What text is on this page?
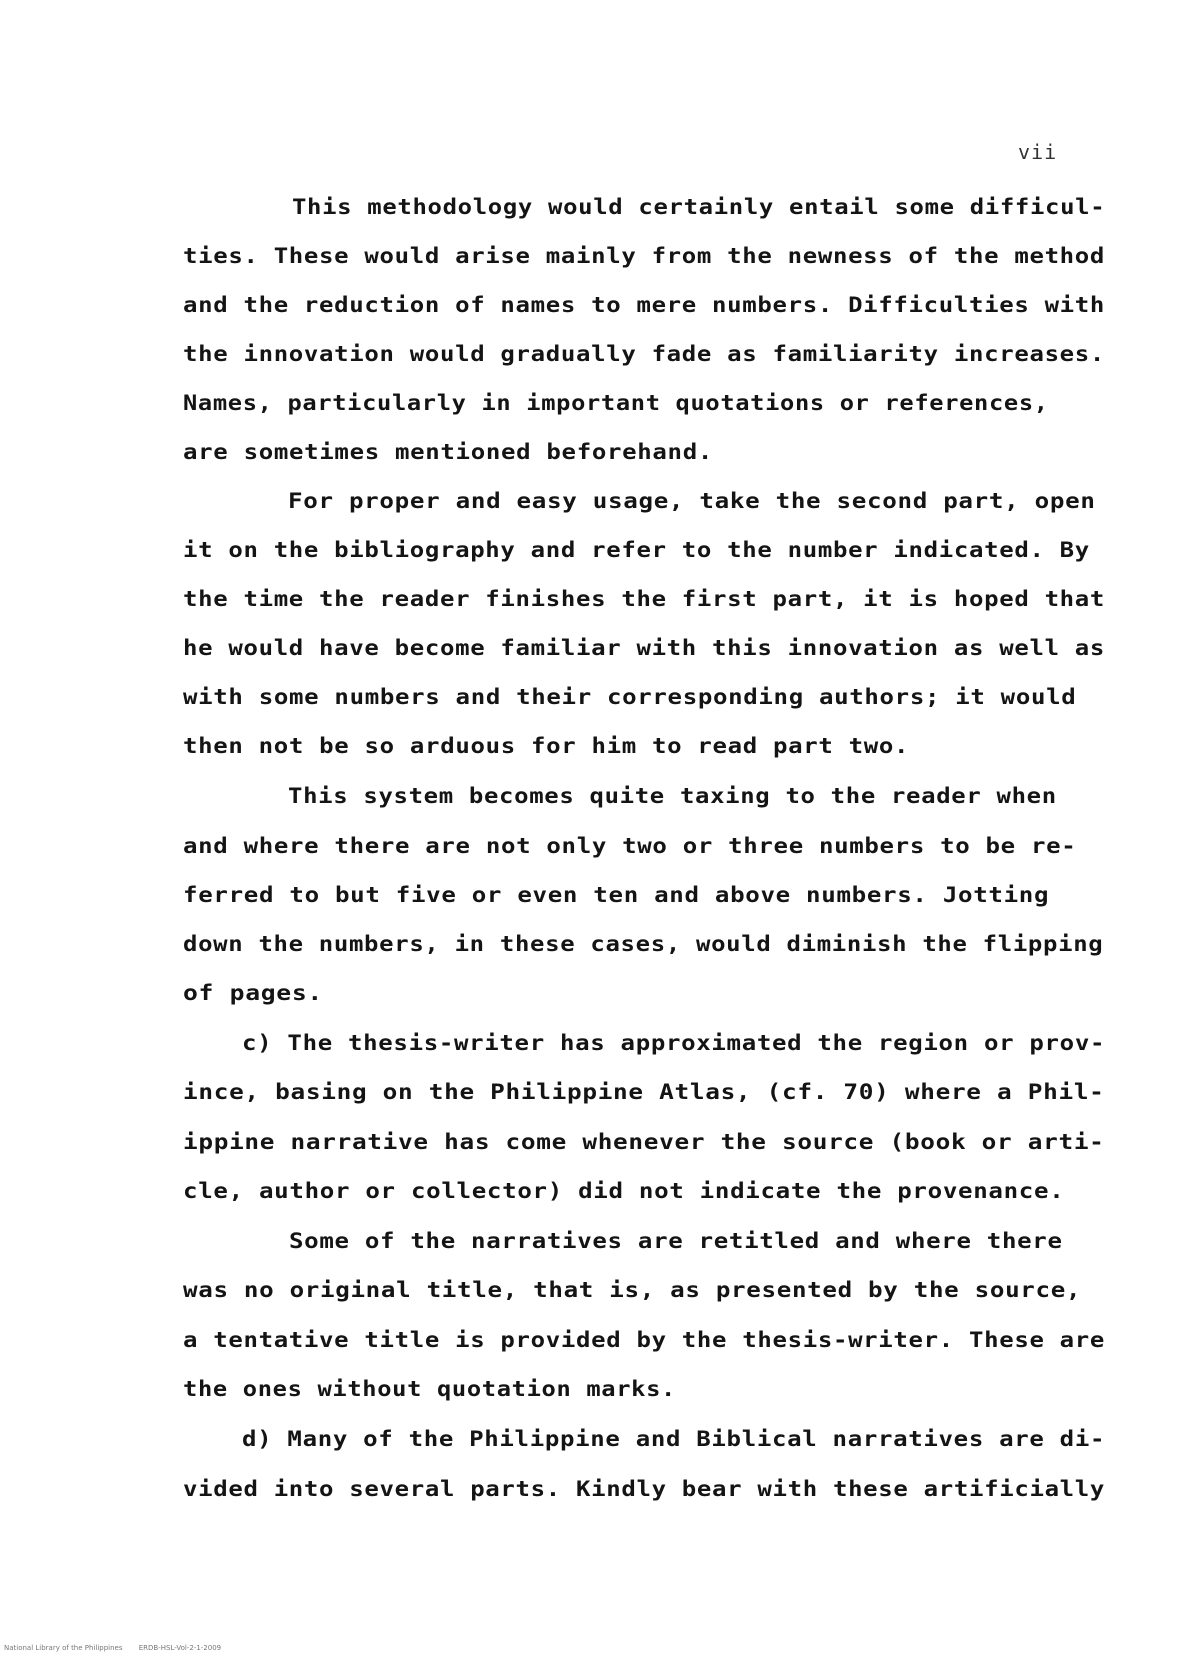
vii
This methodology would certainly entail some difficul-
ties. These would arise mainly from the newness of the method
and the reduction of names to mere numbers. Difficulties with
the innovation would gradually fade as familiarity increases.
Names, particularly in important quotations or references,
are sometimes mentioned beforehand.
For proper and easy usage, take the second part, open
it on the bibliography and refer to the number indicated. By
the time the reader finishes the first part, it is hoped that
he would have become familiar with this innovation as well as
with some numbers and their corresponding authors; it would
then not be so arduous for him to read part two.
This system becomes quite taxing to the reader when
and where there are not only two or three numbers to be re-
ferred to but five or even ten and above numbers. Jotting
down the numbers, in these cases, would diminish the flipping
of pages.
c) The thesis-writer has approximated the region or prov-
ince, basing on the Philippine Atlas, (cf. 70) where a Phil-
ippine narrative has come whenever the source (book or arti-
cle, author or collector) did not indicate the provenance.
Some of the narratives are retitled and where there
was no original title, that is, as presented by the source,
a tentative title is provided by the thesis-writer. These are
the ones without quotation marks.
d) Many of the Philippine and Biblical narratives are di-
vided into several parts. Kindly bear with these artificially
National Library of the Philippines ERDB-HSL-Vol-2-1-2009
